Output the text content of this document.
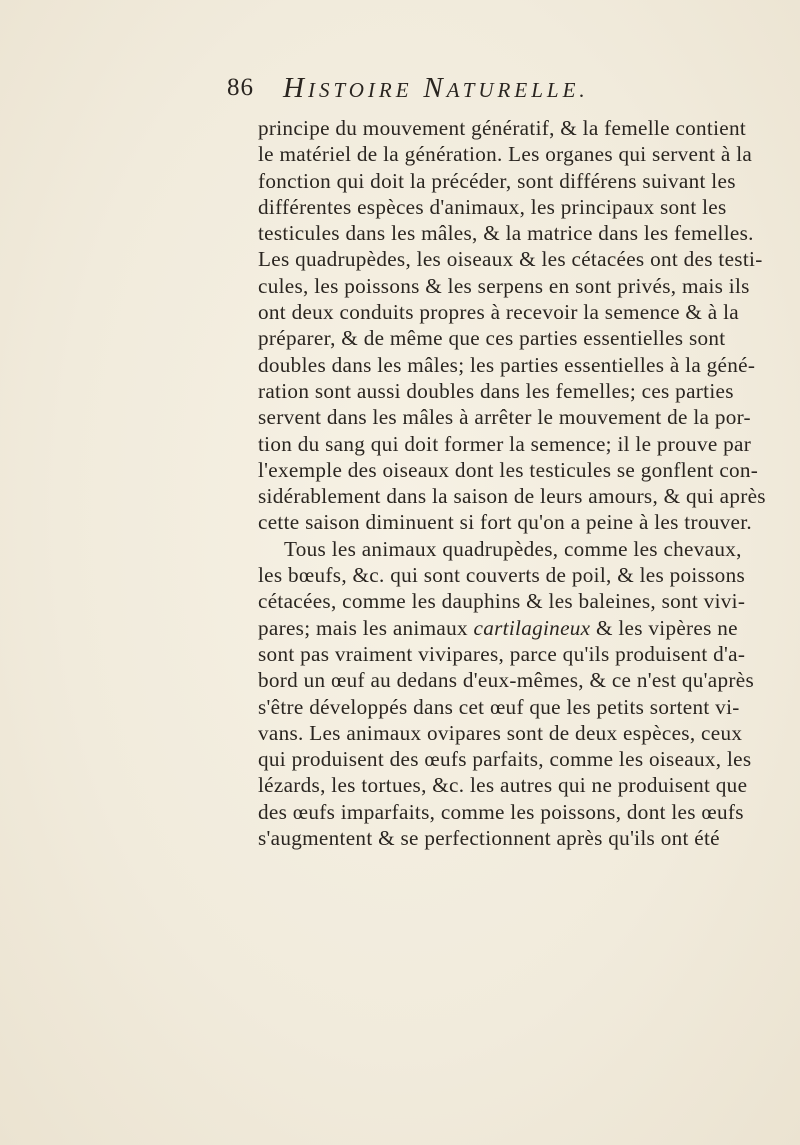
86 HISTOIRE NATURELLE.
principe du mouvement génératif, & la femelle contient
le matériel de la génération. Les organes qui servent à la
fonction qui doit la précéder, sont différens suivant les
différentes espèces d'animaux, les principaux sont les
testicules dans les mâles, & la matrice dans les femelles.
Les quadrupèdes, les oiseaux & les cétacées ont des testi-
cules, les poissons & les serpens en sont privés, mais ils
ont deux conduits propres à recevoir la semence & à la
préparer, & de même que ces parties essentielles sont
doubles dans les mâles; les parties essentielles à la géné-
ration sont aussi doubles dans les femelles; ces parties
servent dans les mâles à arrêter le mouvement de la por-
tion du sang qui doit former la semence; il le prouve par
l'exemple des oiseaux dont les testicules se gonflent con-
sidérablement dans la saison de leurs amours, & qui après
cette saison diminuent si fort qu'on a peine à les trouver.
Tous les animaux quadrupèdes, comme les chevaux,
les bœufs, &c. qui sont couverts de poil, & les poissons
cétacées, comme les dauphins & les baleines, sont vivi-
pares; mais les animaux cartilagineux & les vipères ne
sont pas vraiment vivipares, parce qu'ils produisent d'a-
bord un œuf au dedans d'eux-mêmes, & ce n'est qu'après
s'être développés dans cet œuf que les petits sortent vi-
vans. Les animaux ovipares sont de deux espèces, ceux
qui produisent des œufs parfaits, comme les oiseaux, les
lézards, les tortues, &c. les autres qui ne produisent que
des œufs imparfaits, comme les poissons, dont les œufs
s'augmentent & se perfectionnent après qu'ils ont été
